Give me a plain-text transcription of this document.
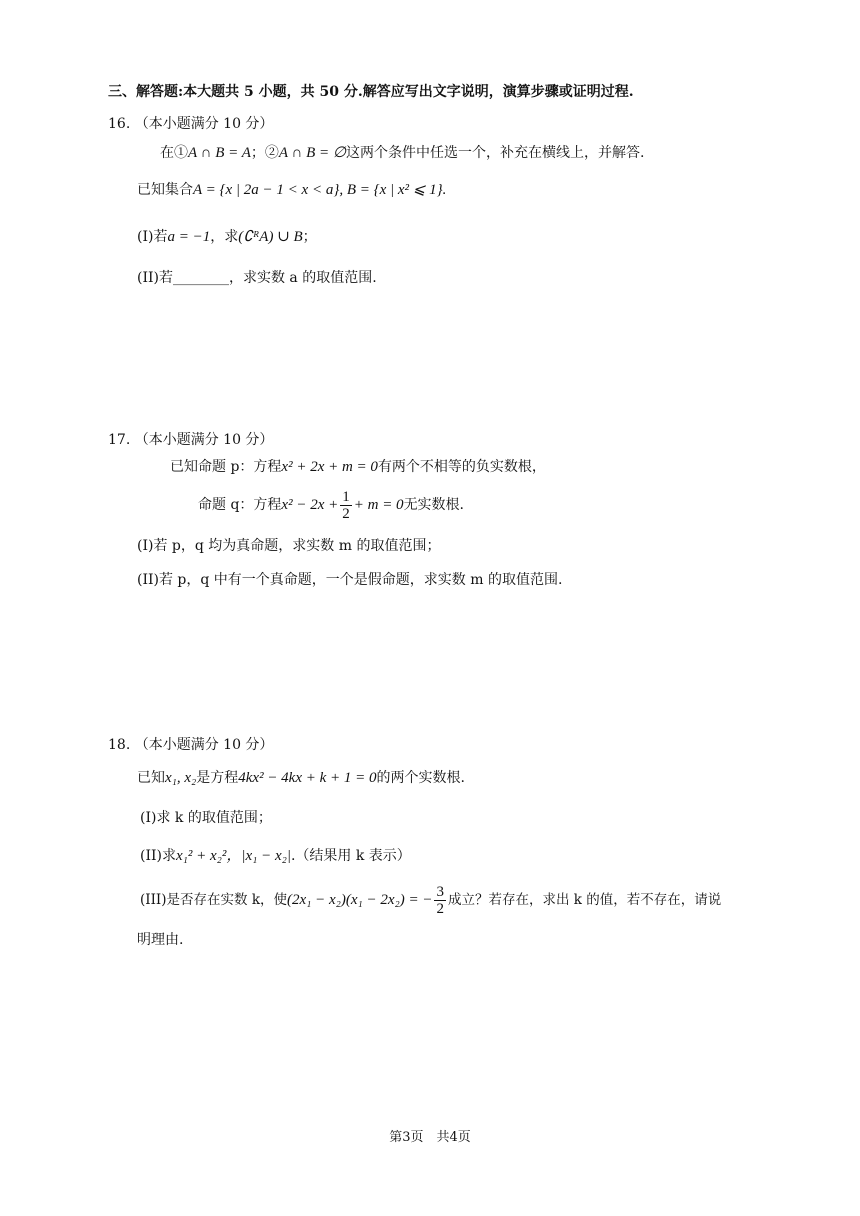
三、解答题:本大题共 5 小题，共 50 分.解答应写出文字说明，演算步骤或证明过程.
16. （本小题满分 10 分）
在①A ∩ B = A；②A ∩ B = ∅这两个条件中任选一个，补充在横线上，并解答.
已知集合A = {x | 2a − 1 < x < a}, B = {x | x² ⩽ 1}.
(I)若a = −1，求(∁ᴿA) ∪ B；
(II)若________，求实数 a 的取值范围.
17. （本小题满分 10 分）
已知命题 p：方程x² + 2x + m = 0有两个不相等的负实数根，
命题 q：方程$x^2 - 2x + \frac{1}{2} + m = 0$无实数根.
(I)若 p，q 均为真命题，求实数 m 的取值范围；
(II)若 p，q 中有一个真命题，一个是假命题，求实数 m 的取值范围.
18. （本小题满分 10 分）
已知x₁, x₂是方程4kx² − 4kx + k + 1 = 0的两个实数根.
(I)求 k 的取值范围；
(II)求x₁² + x₂²，|x₁ − x₂|.（结果用 k 表示）
(III)是否存在实数 k，使(2x₁ − x₂)(x₁ − 2x₂) = − $\frac{3}{2}$ 成立？若存在，求出 k 的值，若不存在，请说
明理由.
第3页　共4页
